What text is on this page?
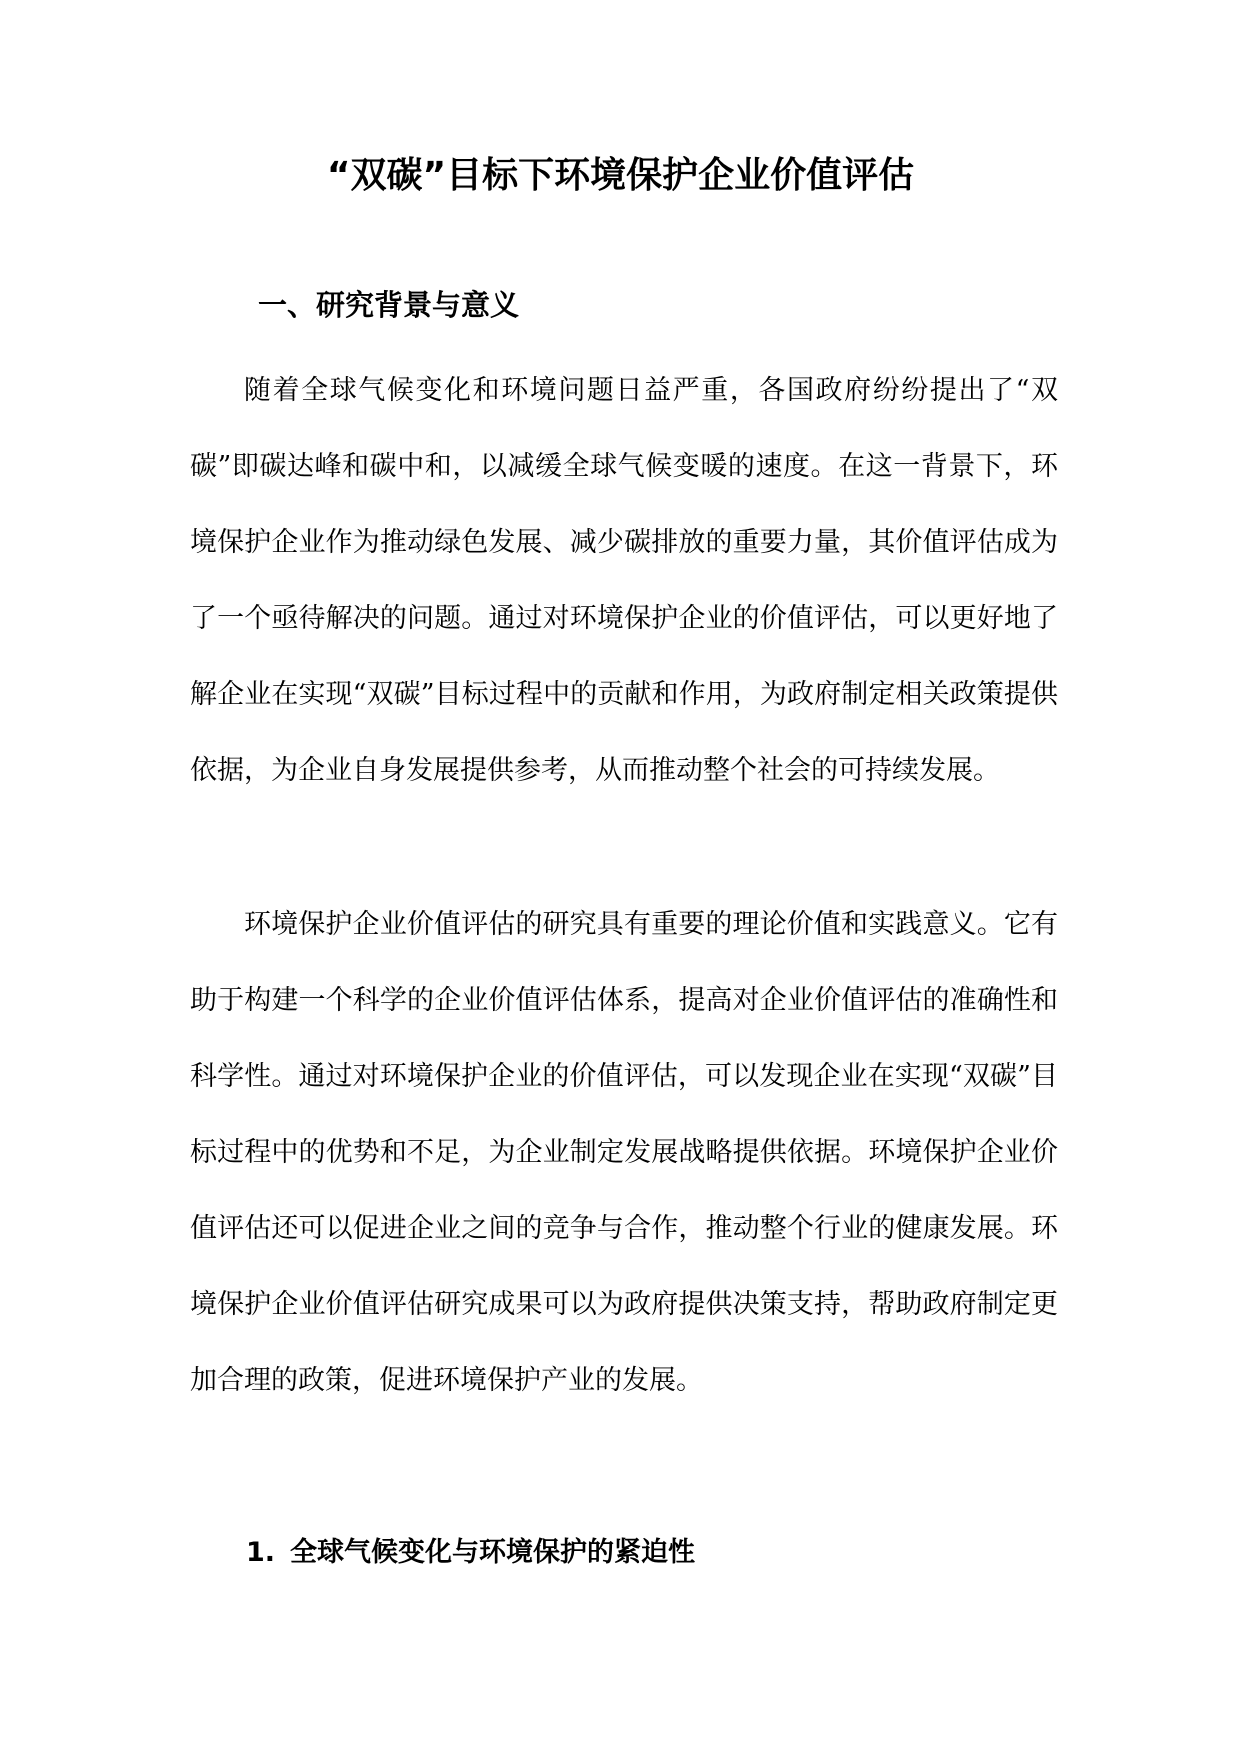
“双碳”目标下环境保护企业价值评估
一、研究背景与意义

随着全球气候变化和环境问题日益严重，各国政府纷纷提出了“双碳”即碳达峰和碳中和，以减缓全球气候变暖的速度。在这一背景下，环境保护企业作为推动绿色发展、减少碳排放的重要力量，其价值评估成为了一个亟待解决的问题。通过对环境保护企业的价值评估，可以更好地了解企业在实现“双碳”目标过程中的贡献和作用，为政府制定相关政策提供依据，为企业自身发展提供参考，从而推动整个社会的可持续发展。

环境保护企业价值评估的研究具有重要的理论价值和实践意义。它有助于构建一个科学的企业价值评估体系，提高对企业价值评估的准确性和科学性。通过对环境保护企业的价值评估，可以发现企业在实现“双碳”目标过程中的优势和不足，为企业制定发展战略提供依据。环境保护企业价值评估还可以促进企业之间的竞争与合作，推动整个行业的健康发展。环境保护企业价值评估研究成果可以为政府提供决策支持，帮助政府制定更加合理的政策，促进环境保护产业的发展。

1. 全球气候变化与环境保护的紧迫性
